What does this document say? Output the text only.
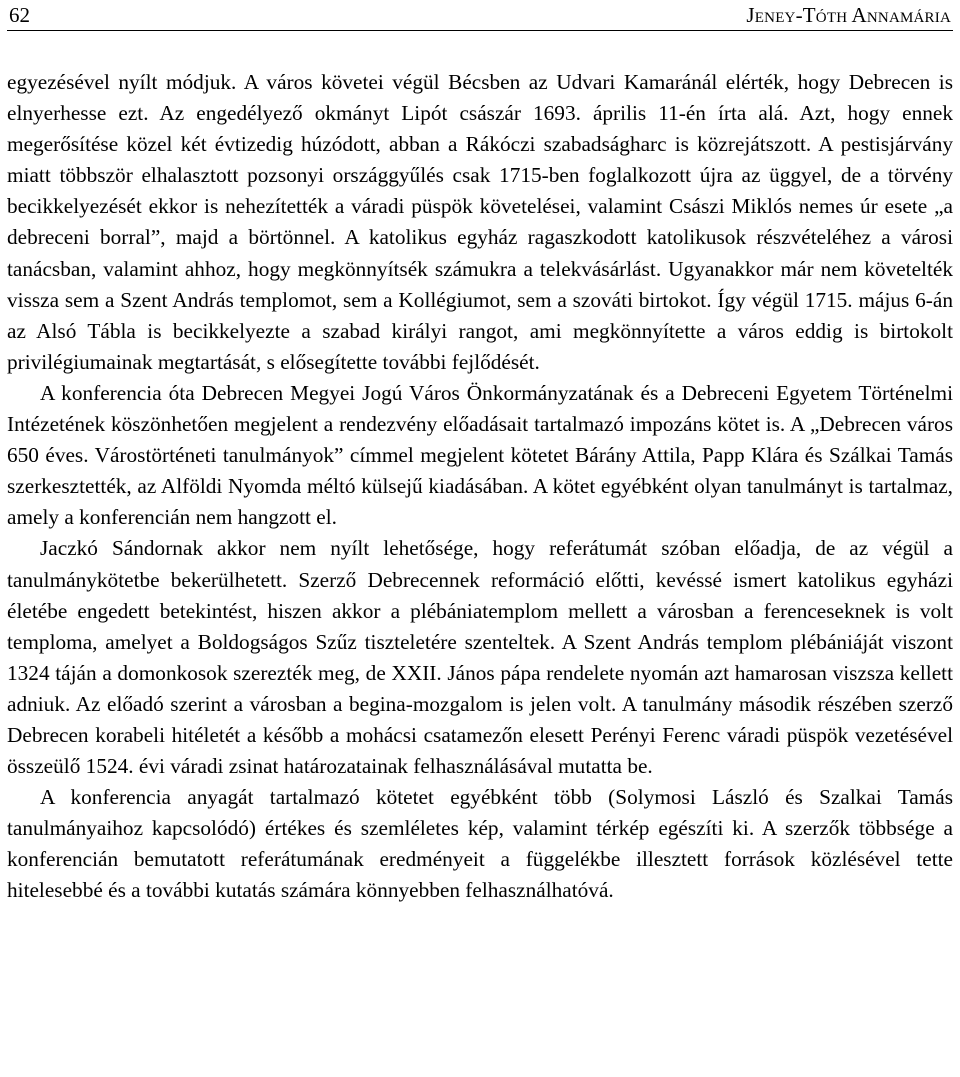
62	Jeney-Tóth Annamária

egyezésével nyílt módjuk. A város követei végül Bécsben az Udvari Kamaránál elérték, hogy Debrecen is elnyerhesse ezt. Az engedélyező okmányt Lipót császár 1693. április 11-én írta alá. Azt, hogy ennek megerősítése közel két évtizedig húzódott, abban a Rákóczi szabadságharc is közrejátszott. A pestisjárvány miatt többször elhalasztott pozsonyi országgyűlés csak 1715-ben foglalkozott újra az üggyel, de a törvény becikkelyezését ekkor is nehezítették a váradi püspök követelései, valamint Császi Miklós nemes úr esete „a debreceni borral”, majd a börtönnel. A katolikus egyház ragaszkodott katolikusok részvételéhez a városi tanácsban, valamint ahhoz, hogy megkönnyítsék számukra a telekvásárlást. Ugyanakkor már nem követelték vissza sem a Szent András templomot, sem a Kollégiumot, sem a szováti birtokot. Így végül 1715. május 6-án az Alsó Tábla is becikkelyezte a szabad királyi rangot, ami megkönnyítette a város eddig is birtokolt privilégiumainak megtartását, s elősegítette további fejlődését.

A konferencia óta Debrecen Megyei Jogú Város Önkormányzatának és a Debreceni Egyetem Történelmi Intézetének köszönhetően megjelent a rendezvény előadásait tartalmazó impozáns kötet is. A „Debrecen város 650 éves. Várostörténeti tanulmányok” címmel megjelent kötetet Bárány Attila, Papp Klára és Szálkai Tamás szerkesztették, az Alföldi Nyomda méltó külsejű kiadásában. A kötet egyébként olyan tanulmányt is tartalmaz, amely a konferencián nem hangzott el.

Jaczkó Sándornak akkor nem nyílt lehetősége, hogy referátumát szóban előadja, de az végül a tanulmánykötetbe bekerülhetett. Szerző Debrecennek reformáció előtti, kevéssé ismert katolikus egyházi életébe engedett betekintést, hiszen akkor a plébániatemplom mellett a városban a ferenceseknek is volt temploma, amelyet a Boldogságos Szűz tiszteletére szenteltek. A Szent András templom plébániáját viszont 1324 táján a domonkosok szerezték meg, de XXII. János pápa rendelete nyomán azt hamarosan viszsza kellett adniuk. Az előadó szerint a városban a begina-mozgalom is jelen volt. A tanulmány második részében szerző Debrecen korabeli hitéletét a később a mohácsi csatamezőn elesett Perényi Ferenc váradi püspök vezetésével összeülő 1524. évi váradi zsinat határozatainak felhasználásával mutatta be.

A konferencia anyagát tartalmazó kötetet egyébként több (Solymosi László és Szalkai Tamás tanulmányaihoz kapcsolódó) értékes és szemléletes kép, valamint térkép egészíti ki. A szerzők többsége a konferencián bemutatott referátumának eredményeit a függelékbe illesztett források közlésével tette hitelesebbé és a további kutatás számára könnyebben felhasználhatóvá.
